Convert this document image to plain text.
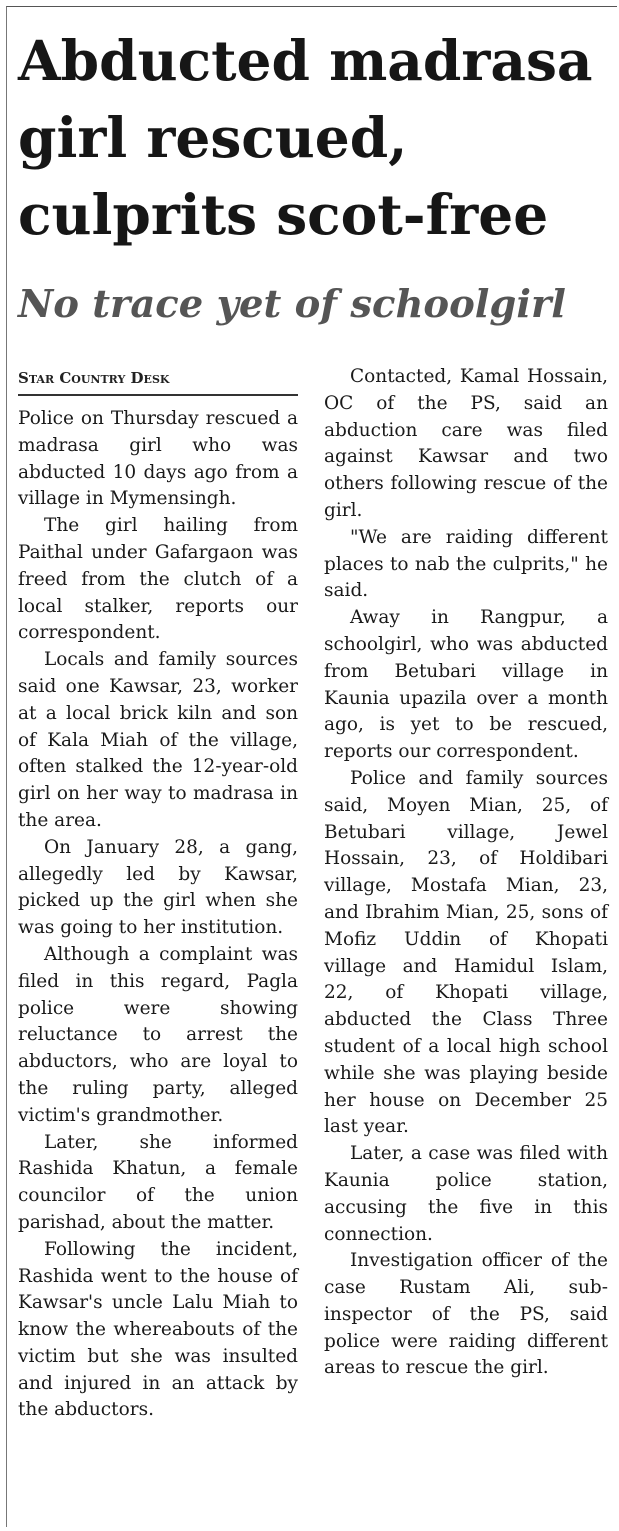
Abducted madrasa girl rescued, culprits scot-free
No trace yet of schoolgirl
Star Country Desk

Police on Thursday rescued a madrasa girl who was abducted 10 days ago from a village in Mymensingh.

The girl hailing from Paithal under Gafargaon was freed from the clutch of a local stalker, reports our correspondent.

Locals and family sources said one Kawsar, 23, worker at a local brick kiln and son of Kala Miah of the village, often stalked the 12-year-old girl on her way to madrasa in the area.

On January 28, a gang, allegedly led by Kawsar, picked up the girl when she was going to her institution.

Although a complaint was filed in this regard, Pagla police were showing reluctance to arrest the abductors, who are loyal to the ruling party, alleged victim's grandmother.

Later, she informed Rashida Khatun, a female councilor of the union parishad, about the matter.

Following the incident, Rashida went to the house of Kawsar's uncle Lalu Miah to know the whereabouts of the victim but she was insulted and injured in an attack by the abductors.

Contacted, Kamal Hossain, OC of the PS, said an abduction care was filed against Kawsar and two others following rescue of the girl.

"We are raiding different places to nab the culprits," he said.

Away in Rangpur, a schoolgirl, who was abducted from Betubari village in Kaunia upazila over a month ago, is yet to be rescued, reports our correspondent.

Police and family sources said, Moyen Mian, 25, of Betubari village, Jewel Hossain, 23, of Holdibari village, Mostafa Mian, 23, and Ibrahim Mian, 25, sons of Mofiz Uddin of Khopati village and Hamidul Islam, 22, of Khopati village, abducted the Class Three student of a local high school while she was playing beside her house on December 25 last year.

Later, a case was filed with Kaunia police station, accusing the five in this connection.

Investigation officer of the case Rustam Ali, sub-inspector of the PS, said police were raiding different areas to rescue the girl.
